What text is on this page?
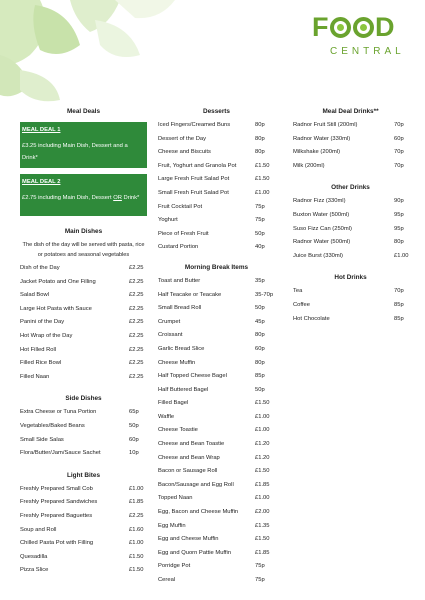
F D
CENTRAL
Meal Deals
MEAL DEAL 1
£3.25 including Main Dish, Dessert and a Drink*
MEAL DEAL 2
£2.75 including Main Dish, Dessert OR Drink*
Main Dishes
The dish of the day will be served with pasta, rice or potatoes and seasonal vegetables
Dish of the Day	£2.25
Jacket Potato and One Filling	£2.25
Salad Bowl	£2.25
Large Hot Pasta with Sauce	£2.25
Panini of the Day	£2.25
Hot Wrap of the Day	£2.25
Hot Filled Roll	£2.25
Filled Rice Bowl	£2.25
Filled Naan	£2.25
Side Dishes
Extra Cheese or Tuna Portion	65p
Vegetables/Baked Beans	50p
Small Side Salas	60p
Flora/Butter/Jam/Sauce Sachet	10p
Light Bites
Freshly Prepared Small Cob	£1.00
Freshly Prepared Sandwiches	£1.85
Freshly Prepared Baguettes	£2.25
Soup and Roll	£1.60
Chilled Pasta Pot with Filling	£1.00
Quesadilla	£1.50
Pizza Slice	£1.50
Desserts
Iced Fingers/Creamed Buns	80p
Dessert of the Day	80p
Cheese and Biscuits	80p
Fruit, Yoghurt and Granola Pot	£1.50
Large Fresh Fruit Salad Pot	£1.50
Small Fresh Fruit Salad Pot	£1.00
Fruit Cocktail Pot	75p
Yoghurt	75p
Piece of Fresh Fruit	50p
Custard Portion	40p
Morning Break Items
Toast and Butter	35p
Half Teacake or Teacake	35-70p
Small Bread Roll	50p
Crumpet	45p
Croissant	80p
Garlic Bread Slice	60p
Cheese Muffin	80p
Half Topped Cheese Bagel	85p
Half Buttered Bagel	50p
Filled Bagel	£1.50
Waffle	£1.00
Cheese Toastie	£1.00
Cheese and Bean Toastie	£1.20
Cheese and Bean Wrap	£1.20
Bacon or Sausage Roll	£1.50
Bacon/Sausage and Egg Roll	£1.85
Topped Naan	£1.00
Egg, Bacon and Cheese Muffin	£2.00
Egg Muffin	£1.35
Egg and Cheese Muffin	£1.50
Egg and Quorn Pattie Muffin	£1.85
Porridge Pot	75p
Cereal	75p
Meal Deal Drinks**
Radnor Fruit Still (200ml)	70p
Radnor Water (330ml)	60p
Milkshake (200ml)	70p
Milk (200ml)	70p
Other Drinks
Radnor Fizz (330ml)	90p
Buxton Water (500ml)	95p
Suso Fizz Can (250ml)	95p
Radnor Water (500ml)	80p
Juice Burst (330ml)	£1.00
Hot Drinks
Tea	70p
Coffee	85p
Hot Chocolate	85p
